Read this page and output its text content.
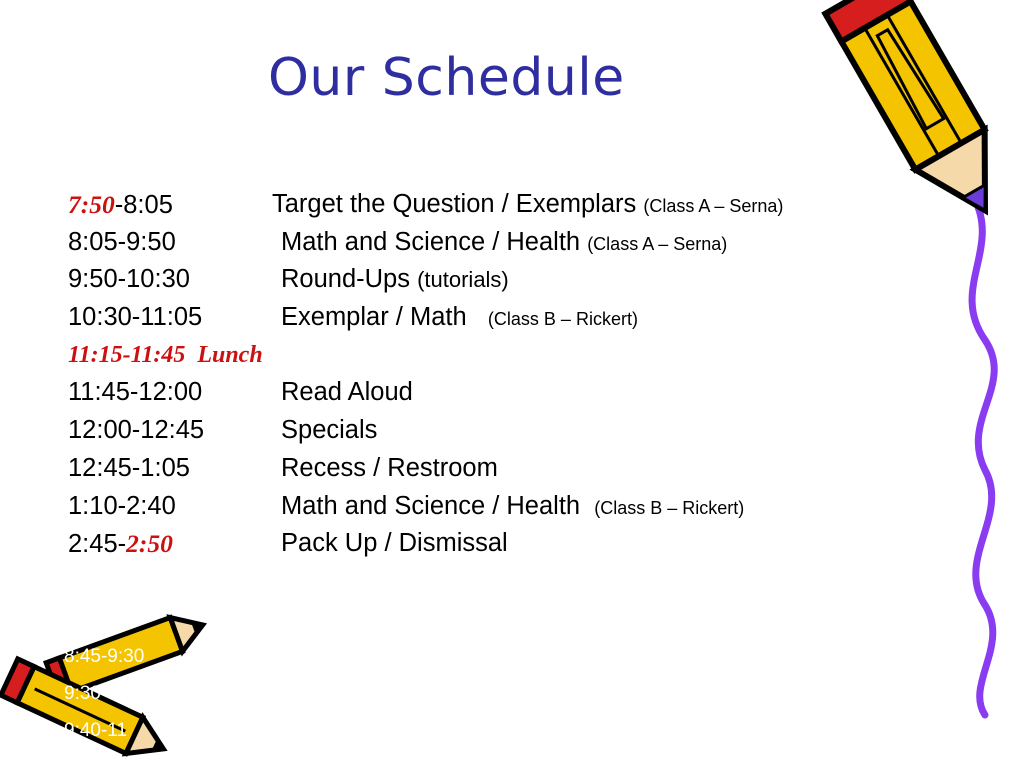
Our Schedule
7:50-8:05	Target the Question / Exemplars (Class A – Serna)
8:05-9:50	Math and Science / Health (Class A – Serna)
9:50-10:30	Round-Ups (tutorials)
10:30-11:05	Exemplar / Math (Class B – Rickert)
11:15-11:45  Lunch
11:45-12:00	Read Aloud
12:00-12:45	Specials
12:45-1:05	Recess / Restroom
1:10-2:40	Math and Science / Health (Class B – Rickert)
2:45-2:50	Pack Up / Dismissal
8:05
8:45-9:30
9:30-9:
9:40-11
